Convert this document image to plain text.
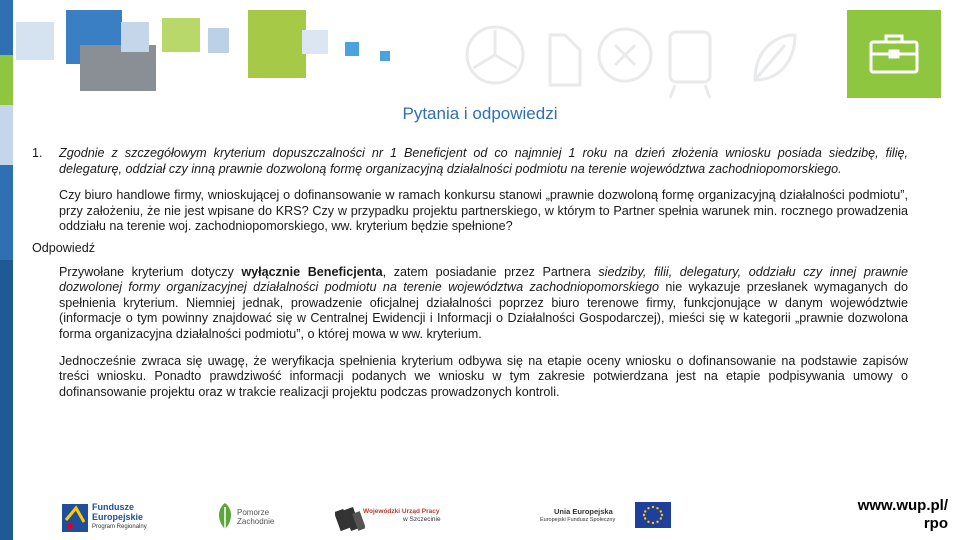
Pytania i odpowiedzi
1.	Zgodnie z szczegółowym kryterium dopuszczalności nr 1 Beneficjent od co najmniej 1 roku na dzień złożenia wniosku posiada siedzibę, filię, delegaturę, oddział czy inną prawnie dozwoloną formę organizacyjną działalności podmiotu na terenie województwa zachodniopomorskiego.
Czy biuro handlowe firmy, wnioskującej o dofinansowanie w ramach konkursu stanowi „prawnie dozwoloną formę organizacyjną działalności podmiotu”, przy założeniu, że nie jest wpisane do KRS? Czy w przypadku projektu partnerskiego, w którym to Partner spełnia warunek min. rocznego prowadzenia oddziału na terenie woj. zachodniopomorskiego, ww. kryterium będzie spełnione?
Odpowiedź
Przywołane kryterium dotyczy wyłącznie Beneficjenta, zatem posiadanie przez Partnera siedziby, filii, delegatury, oddziału czy innej prawnie dozwolonej formy organizacyjnej działalności podmiotu na terenie województwa zachodniopomorskiego nie wykazuje przesłanek wymaganych do spełnienia kryterium. Niemniej jednak, prowadzenie oficjalnej działalności poprzez biuro terenowe firmy, funkcjonujące w danym województwie (informacje o tym powinny znajdować się w Centralnej Ewidencji i Informacji o Działalności Gospodarczej), mieści się w kategorii „prawnie dozwolona forma organizacyjna działalności podmiotu”, o której mowa w ww. kryterium.
Jednocześnie zwraca się uwagę, że weryfikacja spełnienia kryterium odbywa się na etapie oceny wniosku o dofinansowanie na podstawie zapisów treści wniosku. Ponadto prawdziwość informacji podanych we wniosku w tym zakresie potwierdzana jest na etapie podpisywania umowy o dofinansowanie projektu oraz w trakcie realizacji projektu podczas prowadzonych kontroli.
Fundusze
Europejskie
Program Regionalny
Pomorze
Zachodnie
Wojewódzki Urząd Pracy
w Szczecinie
Unia Europejska
Europejski Fundusz Społeczny
www.wup.pl/
rpo
